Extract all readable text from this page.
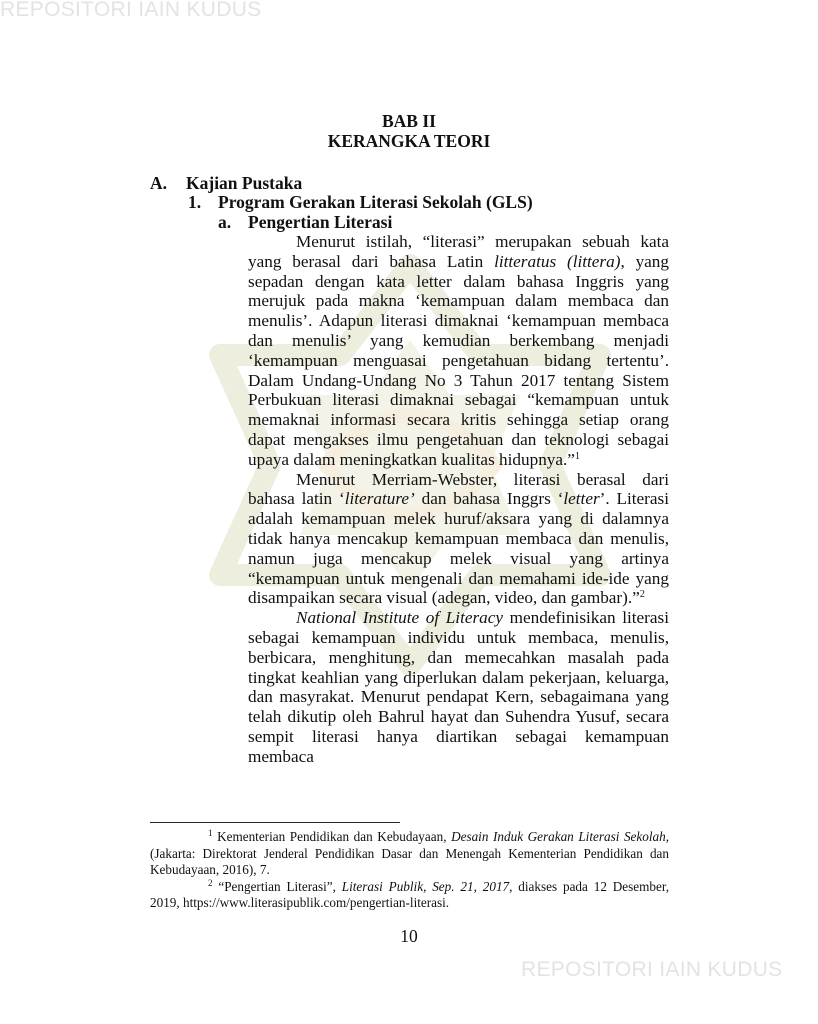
REPOSITORI IAIN KUDUS
BAB II
KERANGKA TEORI
A. Kajian Pustaka
1. Program Gerakan Literasi Sekolah (GLS)
a. Pengertian Literasi

Menurut istilah, “literasi” merupakan sebuah kata yang berasal dari bahasa Latin litteratus (littera), yang sepadan dengan kata letter dalam bahasa Inggris yang merujuk pada makna ‘kemampuan dalam membaca dan menulis’. Adapun literasi dimaknai ‘kemampuan membaca dan menulis’ yang kemudian berkembang menjadi ‘kemampuan menguasai pengetahuan bidang tertentu’. Dalam Undang-Undang No 3 Tahun 2017 tentang Sistem Perbukuan literasi dimaknai sebagai “kemampuan untuk memaknai informasi secara kritis sehingga setiap orang dapat mengakses ilmu pengetahuan dan teknologi sebagai upaya dalam meningkatkan kualitas hidupnya.”$^1$

Menurut Merriam-Webster, literasi berasal dari bahasa latin ‘literature’ dan bahasa Inggrs ‘letter’. Literasi adalah kemampuan melek huruf/aksara yang di dalamnya tidak hanya mencakup kemampuan membaca dan menulis, namun juga mencakup melek visual yang artinya “kemampuan untuk mengenali dan memahami ide-ide yang disampaikan secara visual (adegan, video, dan gambar).”$^2$

National Institute of Literacy mendefinisikan literasi sebagai kemampuan individu untuk membaca, menulis, berbicara, menghitung, dan memecahkan masalah pada tingkat keahlian yang diperlukan dalam pekerjaan, keluarga, dan masyrakat. Menurut pendapat Kern, sebagaimana yang telah dikutip oleh Bahrul hayat dan Suhendra Yusuf, secara sempit literasi hanya diartikan sebagai kemampuan membaca

$^1$ Kementerian Pendidikan dan Kebudayaan, Desain Induk Gerakan Literasi Sekolah, (Jakarta: Direktorat Jenderal Pendidikan Dasar dan Menengah Kementerian Pendidikan dan Kebudayaan, 2016), 7.

$^2$ “Pengertian Literasi”, Literasi Publik, Sep. 21, 2017, diakses pada 12 Desember, 2019, https://www.literasipublik.com/pengertian-literasi.

10
REPOSITORI IAIN KUDUS
